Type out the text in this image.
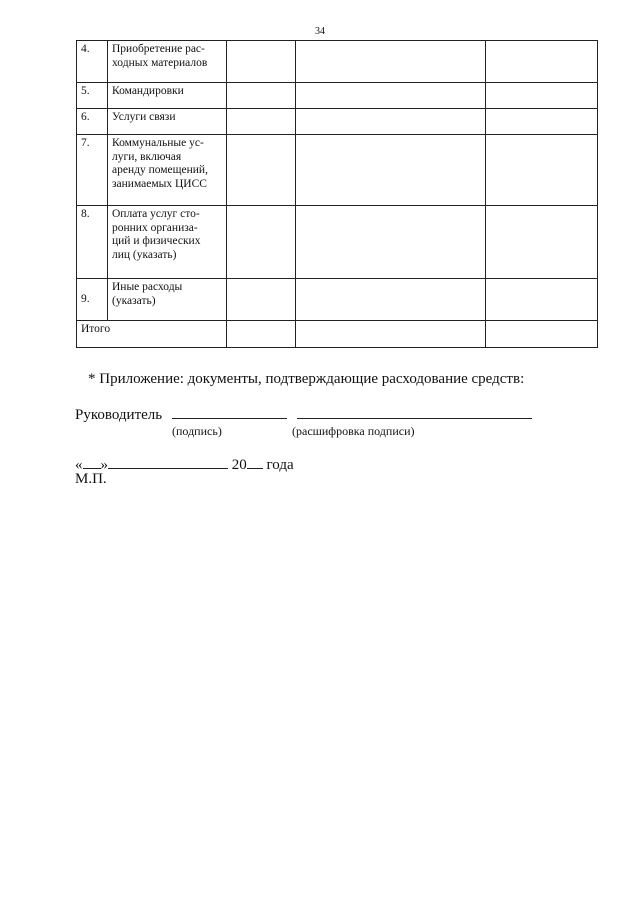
34
4.	Приобретение рас-
ходных материалов			
5.	Командировки			
6.	Услуги связи			
7.	Коммунальные ус-
луги, включая
аренду помещений,
занимаемых ЦИСС			
8.	Оплата услуг сто-
ронних организа-
ций и физических
лиц (указать)			
9.	Иные расходы
(указать)			
Итого				
* Приложение: документы, подтверждающие расходование средств:
Руководитель
(подпись)	(расшифровка подписи)
« »	20 года
М.П.
